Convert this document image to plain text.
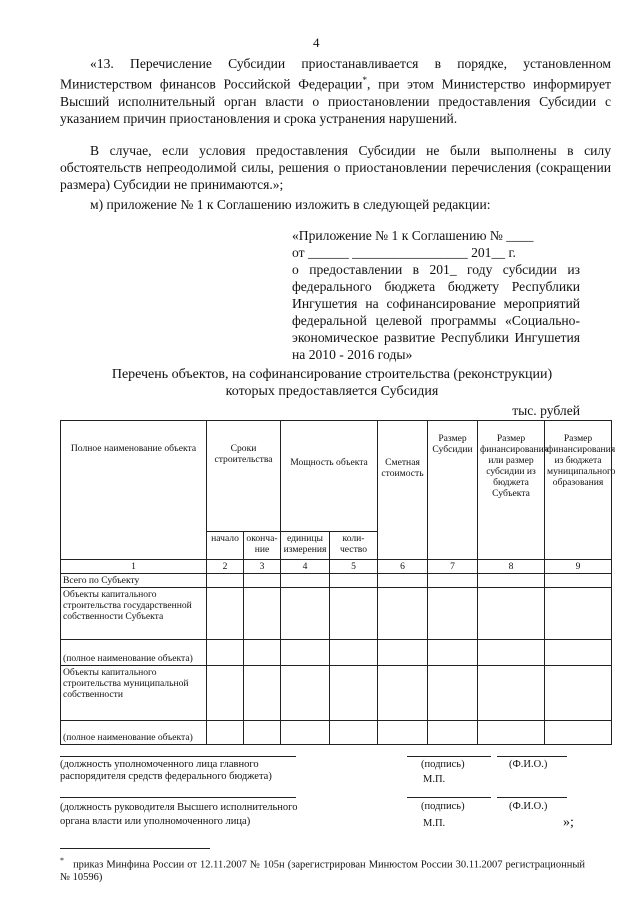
4
«13. Перечисление Субсидии приостанавливается в порядке, установленном Министерством финансов Российской Федерации*, при этом Министерство информирует Высший исполнительный орган власти о приостановлении предоставления Субсидии с указанием причин приостановления и срока устранения нарушений.
В случае, если условия предоставления Субсидии не были выполнены в силу обстоятельств непреодолимой силы, решения о приостановлении перечисления (сокращении размера) Субсидии не принимаются.»;
м) приложение № 1 к Соглашению изложить в следующей редакции:
«Приложение № 1 к Соглашению № ____
от ______ _________________ 201__ г.
о предоставлении в 201_ году субсидии из федерального бюджета бюджету Республики Ингушетия на софинансирование мероприятий федеральной целевой программы «Социально-экономическое развитие Республики Ингушетия на 2010 - 2016 годы»
Перечень объектов, на софинансирование строительства (реконструкции) которых предоставляется Субсидия
тыс. рублей
Полное наименование объекта	Сроки строительства		Мощность объекта		Сметная стоимость	Размер Субсидии	Размер финансирования или размер субсидии из бюджета Субъекта	Размер финансирования из бюджета муниципального образования
	начало	оконча-ние	единицы измерения	коли-чество				
1	2	3	4	5	6	7	8	9
Всего по Субъекту								
Объекты капитального строительства государственной собственности Субъекта								
(полное наименование объекта)								
Объекты капитального строительства муниципальной собственности								
(полное наименование объекта)								
(должность уполномоченного лица главного распорядителя средств федерального бюджета)
(подпись)	(Ф.И.О.)
М.П.
(должность руководителя Высшего исполнительного органа власти или уполномоченного лица)
(подпись)	(Ф.И.О.)
М.П.	»;
* приказ Минфина России от 12.11.2007 № 105н (зарегистрирован Минюстом России 30.11.2007 регистрационный № 10596)
